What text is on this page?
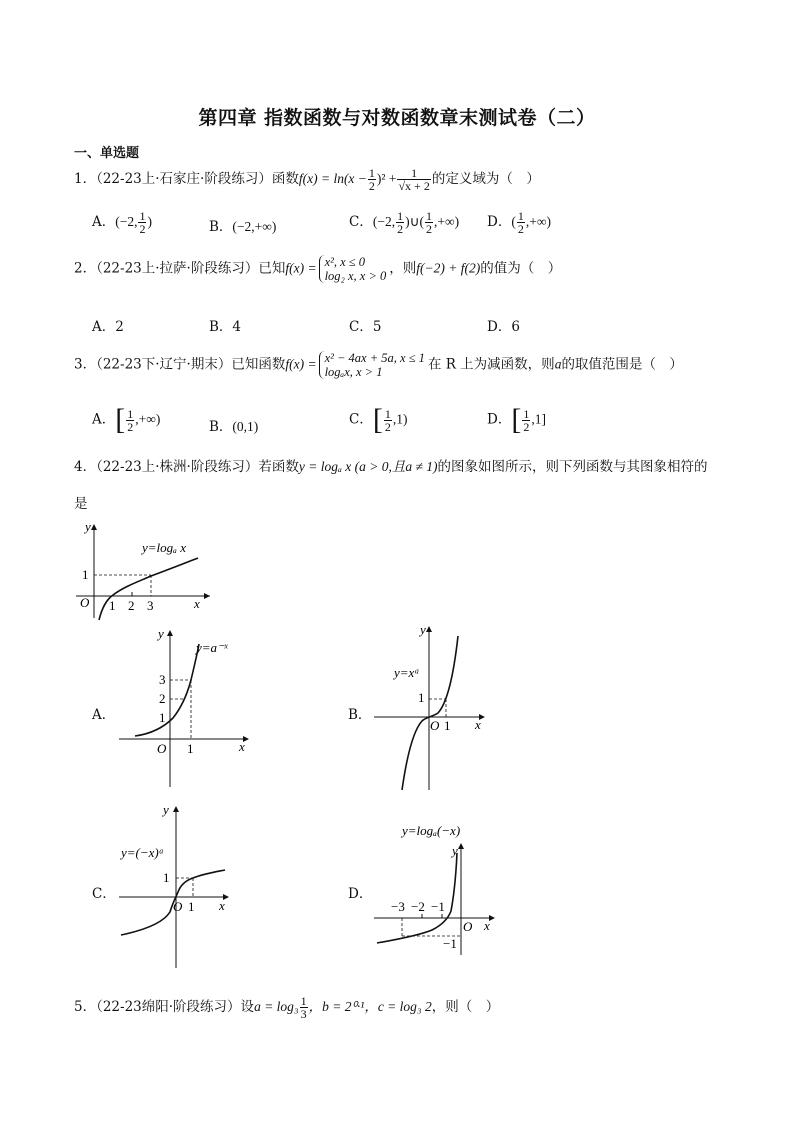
第四章 指数函数与对数函数章末测试卷（二）
一、单选题
1．（22-23上·石家庄·阶段练习）函数$f(x) = \ln(x - \frac{1}{2} )^2 + \frac{1}{√x + 2}$ 的定义域为（　）
A．(−2, $\frac{1}{2}$ )	B．(−2,+∞)	C．(−2, $\frac{1}{2}$ )∪( $\frac{1}{2}$ ,+∞) D．( $\frac{1}{2}$ ,+∞)
2．（22-23上·拉萨·阶段练习）已知f(x) = x², x ≤ 0
log₂ x, x > 0 ，则f(−2) + f(2)的值为（　）
A．2	B．4	C．5	D．6
3．（22-23下·辽宁·期末）已知函数f(x) = x² − 4ax + 5a, x ≤ 1
logₐx, x > 1	在 R 上为减函数，则a的取值范围是（　）
A．[ $\frac{1}{2}$ ,+∞)	B．(0,1)	C．[ $\frac{1}{2} ,1$)	D．[ $\frac{1}{2} ,1$]
4．（22-23上·株洲·阶段练习）若函数y = logₐ x (a > 0,且a ≠ 1)的图象如图所示，则下列函数与其图象相符的
是
y
x
O
1
1 2 3
y=logₐ x
A．
y
x
O
3
2
1
1
y=a⁻ˣ
B．
y
x
O
1
1
y=xᵃ
C．
y
x
O
1
1
y=(−x)ᵃ
D．
y
x
O
−3 −2 −1
−1
y=logₐ(−x)
5．（22-23绵阳·阶段练习）设$a = \log_3 \frac{1}{3}$ ，b = 2⁰·¹，c = log₃ 2，则（　）
